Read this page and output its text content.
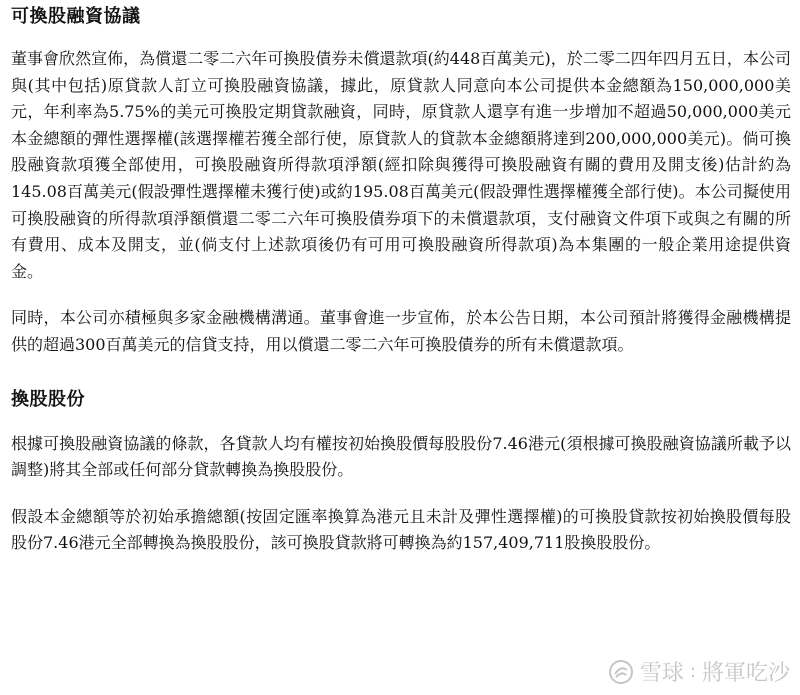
可換股融資協議

董事會欣然宣佈，為償還二零二六年可換股債券未償還款項(約448百萬美元)，於二零二四年四月五日，本公司與(其中包括)原貸款人訂立可換股融資協議，據此，原貸款人同意向本公司提供本金總額為150,000,000美元，年利率為5.75%的美元可換股定期貸款融資，同時，原貸款人還享有進一步增加不超過50,000,000美元本金總額的彈性選擇權(該選擇權若獲全部行使，原貸款人的貸款本金總額將達到200,000,000美元)。倘可換股融資款項獲全部使用，可換股融資所得款項淨額(經扣除與獲得可換股融資有關的費用及開支後)估計約為145.08百萬美元(假設彈性選擇權未獲行使)或約195.08百萬美元(假設彈性選擇權獲全部行使)。本公司擬使用可換股融資的所得款項淨額償還二零二六年可換股債券項下的未償還款項，支付融資文件項下或與之有關的所有費用、成本及開支，並(倘支付上述款項後仍有可用可換股融資所得款項)為本集團的一般企業用途提供資金。

同時，本公司亦積極與多家金融機構溝通。董事會進一步宣佈，於本公告日期，本公司預計將獲得金融機構提供的超過300百萬美元的信貸支持，用以償還二零二六年可換股債券的所有未償還款項。

換股股份

根據可換股融資協議的條款，各貸款人均有權按初始換股價每股股份7.46港元(須根據可換股融資協議所載予以調整)將其全部或任何部分貸款轉換為換股股份。

假設本金總額等於初始承擔總額(按固定匯率換算為港元且未計及彈性選擇權)的可換股貸款按初始換股價每股股份7.46港元全部轉換為換股股份，該可換股貸款將可轉換為約157,409,711股換股股份。

雪球 : 將軍吃沙
